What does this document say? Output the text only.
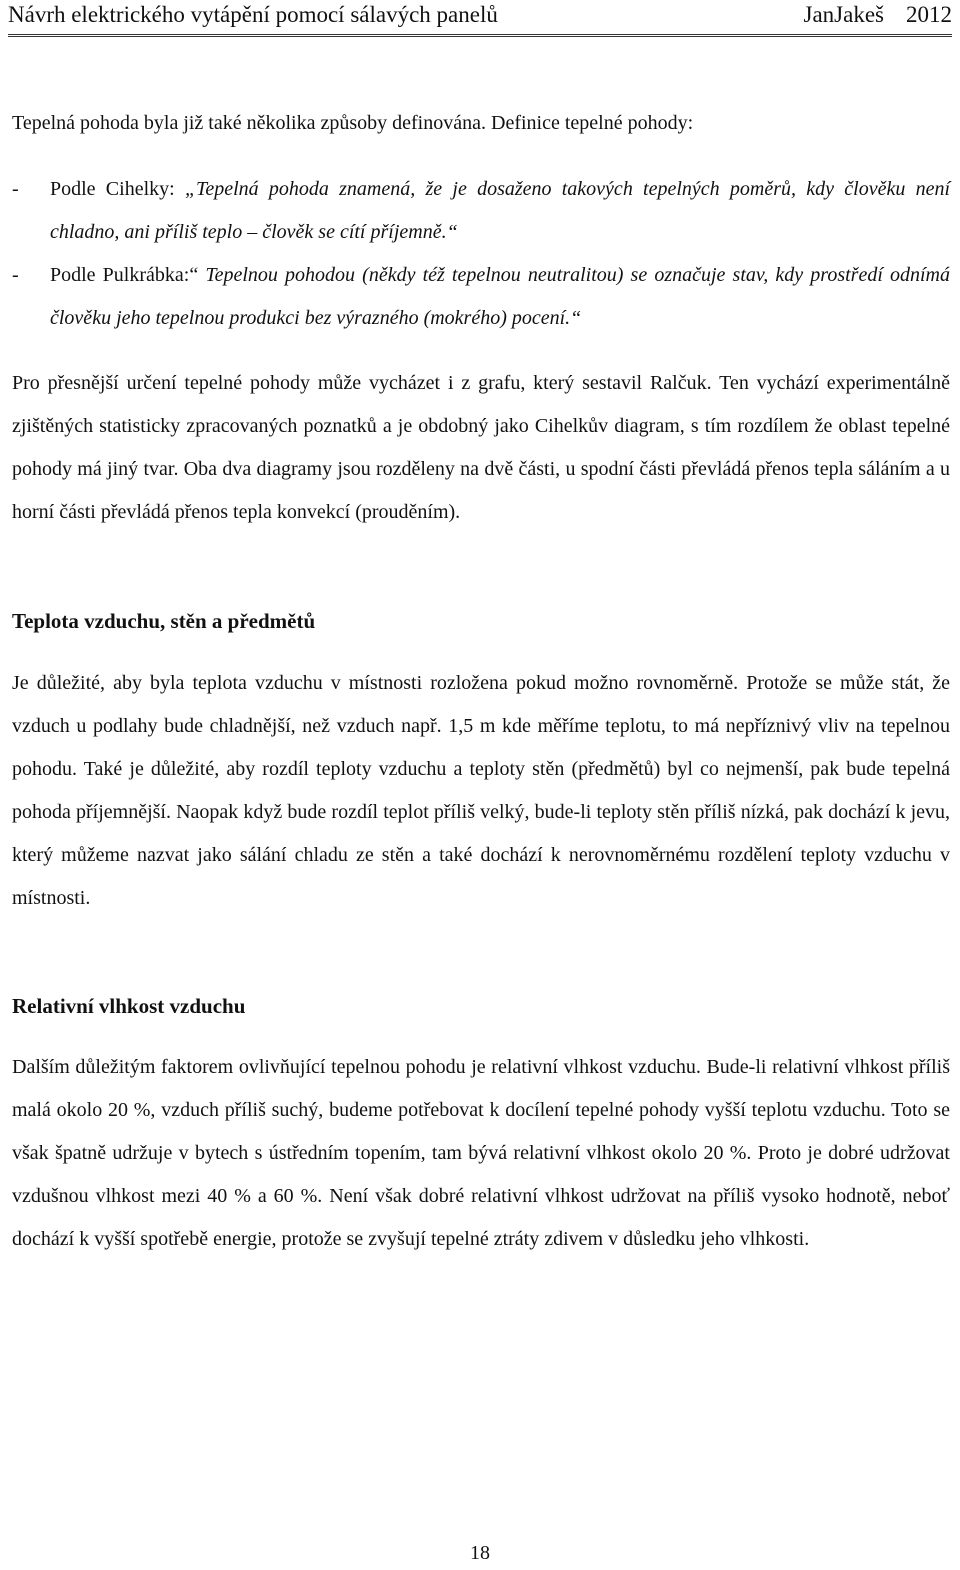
Návrh elektrického vytápění pomocí sálavých panelů	JanJakeš 2012

Tepelná pohoda byla již také několika způsoby definována. Definice tepelné pohody:

- Podle Cihelky: „Tepelná pohoda znamená, že je dosaženo takových tepelných poměrů, kdy člověku není chladno, ani příliš teplo – člověk se cítí příjemně.“
- Podle Pulkrábka:“ Tepelnou pohodou (někdy též tepelnou neutralitou) se označuje stav, kdy prostředí odnímá člověku jeho tepelnou produkci bez výrazného (mokrého) pocení.“

Pro přesnější určení tepelné pohody může vycházet i z grafu, který sestavil Ralčuk. Ten vychází experimentálně zjištěných statisticky zpracovaných poznatků a je obdobný jako Cihelkův diagram, s tím rozdílem že oblast tepelné pohody má jiný tvar. Oba dva diagramy jsou rozděleny na dvě části, u spodní části převládá přenos tepla sáláním a u horní části převládá přenos tepla konvekcí (prouděním).

Teplota vzduchu, stěn a předmětů

Je důležité, aby byla teplota vzduchu v místnosti rozložena pokud možno rovnoměrně. Protože se může stát, že vzduch u podlahy bude chladnější, než vzduch např. 1,5 m kde měříme teplotu, to má nepříznivý vliv na tepelnou pohodu. Také je důležité, aby rozdíl teploty vzduchu a teploty stěn (předmětů) byl co nejmenší, pak bude tepelná pohoda příjemnější. Naopak když bude rozdíl teplot příliš velký, bude-li teploty stěn příliš nízká, pak dochází k jevu, který můžeme nazvat jako sálání chladu ze stěn a také dochází k nerovnoměrnému rozdělení teploty vzduchu v místnosti.

Relativní vlhkost vzduchu

Dalším důležitým faktorem ovlivňující tepelnou pohodu je relativní vlhkost vzduchu. Bude-li relativní vlhkost příliš malá okolo 20 %, vzduch příliš suchý, budeme potřebovat k docílení tepelné pohody vyšší teplotu vzduchu. Toto se však špatně udržuje v bytech s ústředním topením, tam bývá relativní vlhkost okolo 20 %. Proto je dobré udržovat vzdušnou vlhkost mezi 40 % a 60 %. Není však dobré relativní vlhkost udržovat na příliš vysoko hodnotě, neboť dochází k vyšší spotřebě energie, protože se zvyšují tepelné ztráty zdivem v důsledku jeho vlhkosti.

18
